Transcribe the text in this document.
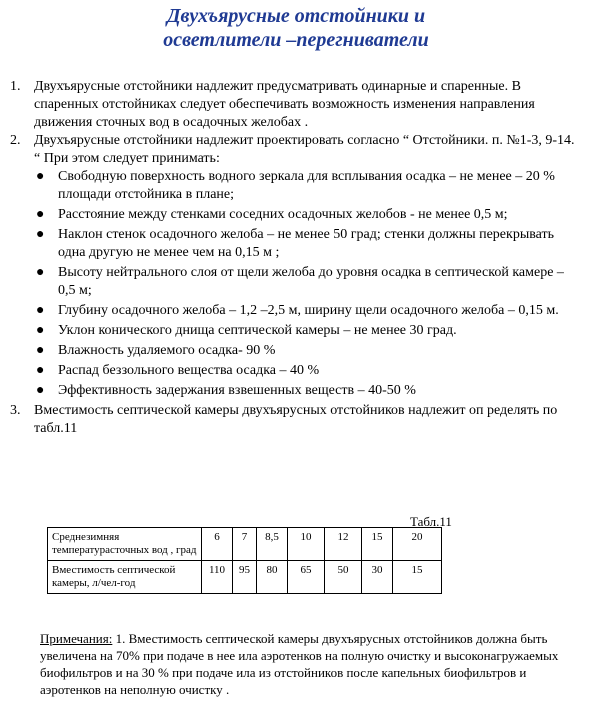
Двухъярусные отстойники и
осветлители –перегниватели
1. Двухъярусные отстойники надлежит предусматривать одинарные и спаренные. В спаренных отстойниках следует обеспечивать возможность изменения направления движения сточных вод в осадочных желобах .
2. Двухъярусные отстойники надлежит проектировать согласно “ Отстойники. п. №1-3, 9-14. “ При этом следует принимать:
● Свободную поверхность водного зеркала для всплывания осадка – не менее – 20 % площади отстойника в плане;
● Расстояние между стенками соседних осадочных желобов - не менее 0,5 м;
● Наклон стенок осадочного желоба – не менее 50 град; стенки должны перекрывать одна другую не менее чем на 0,15 м ;
● Высоту нейтрального слоя от щели желоба до уровня осадка в септической камере – 0,5 м;
● Глубину осадочного желоба – 1,2 –2,5 м, ширину щели осадочного желоба – 0,15 м.
● Уклон конического днища септической камеры – не менее 30 град.
● Влажность удаляемого осадка- 90 %
● Распад беззольного вещества осадка – 40 %
● Эффективность задержания взвешенных веществ – 40-50 %
3. Вместимость септической камеры двухъярусных отстойников надлежит оп ределять по табл.11
Табл.11
Среднезимняя температурасточных вод , град	6	7	8,5	10	12	15	20
Вместимость септической камеры, л/чел-год	110	95	80	65	50	30	15
Примечания: 1. Вместимость септической камеры двухъярусных отстойников должна быть увеличена на 70% при подаче в нее ила аэротенков на полную очистку и высоконагружаемых биофильтров и на 30 % при подаче ила из отстойников после капельных биофильтров и аэротенков на неполную очистку .
